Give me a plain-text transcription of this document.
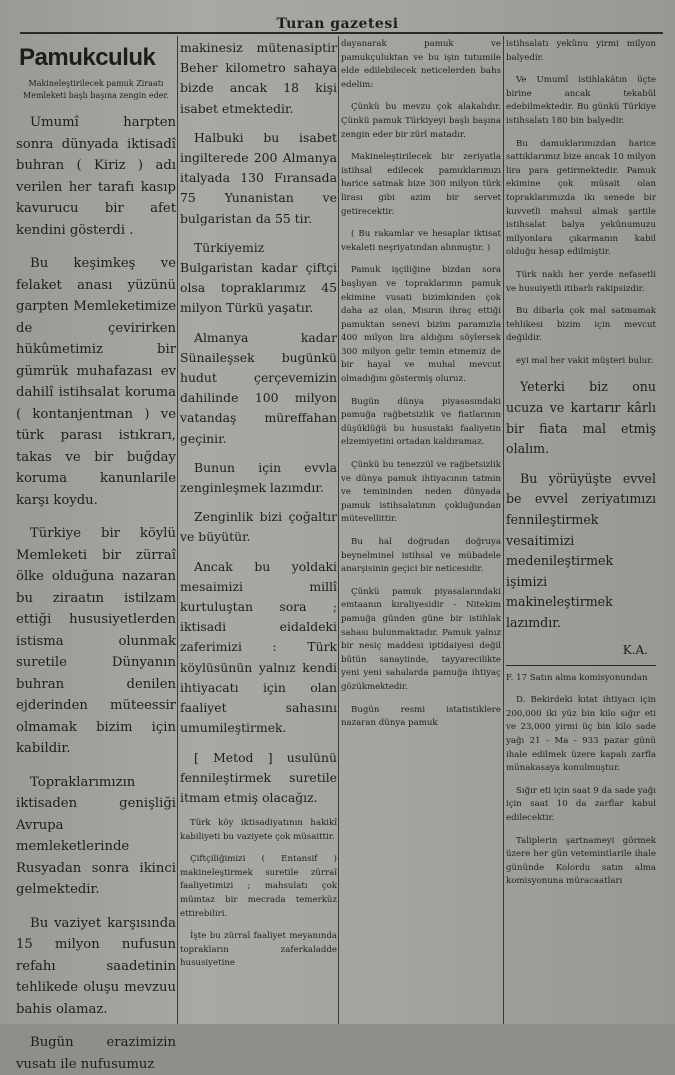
Turan gazetesi
Pamukculuk
Makineleştirilecek pamuk Ziraatı Memleketi başlı başına zengin eder.

Umumî harpten sonra dünyada iktisadî buhran ( Kiriz ) adı verilen her tarafı kasıp kavurucu bir afet kendini gösterdi .

Bu keşimkeş ve felaket anası yüzünü garpten Memleketimize de çevirirken hükûmetimiz bir gümrük muhafazası ev dahilî istihsalat koruma ( kontanjentman ) ve türk parası istıkrarı, takas ve bir buğday koruma kanunlarile karşı koydu.

Türkiye bir köylü Memleketi bir zürraî ölke olduğuna nazaran bu ziraatın istilzam ettiği hususiyetlerden istisma olunmak suretile Dünyanın buhran denilen ejderinden müteessir olmamak bizim için kabildir.

Topraklarımızın iktisaden genişliği Avrupa memleketlerinde Rusyadan sonra ikinci gelmektedir.

Bu vaziyet karşısında 15 milyon nufusun refahı saadetinin tehlikede oluşu mevzuu bahis olamaz.

Bugün erazimizin vusatı ile nufusumuz

makinesiz mütenasiptir Beher kilometro sahaya bizde ancak 18 kişi isabet etmektedir.

Halbuki bu isabet ingilterede 200 Almanya italyada 130 Fıransada 75 Yunanistan ve bulgaristan da 55 tir.

Türkiyemiz Bulgaristan kadar çiftçi olsa topraklarımız 45 milyon Türkü yaşatır.

Almanya kadar Sünaileşsek bugünkü hudut çerçevemizin dahilinde 100 milyon vatandaş müreffahan geçinir.

Bunun için evvla zenginleşmek lazımdır.

Zenginlik bizi çoğaltır ve büyütür.

Ancak bu yoldaki mesaimizi millî kurtuluştan sora ; iktisadi eidaldeki zaferimizi : Türk köylüsünün yalnız kendi ihtiyacatı için olan faaliyet sahasını umumileştirmek.

[ Metod ] usulünü fennileştirmek suretile itmam etmiş olacağız.

Türk köy iktisadiyatının hakikî kabiliyeti bu vaziyete çok müsaittir.

Çiftçiliğimizi ( Entansif ) makineleştirmek suretile zürraî faaliyetimizi ; mahsulatı çok mümtaz bir mecrada temerküz ettirebiliri.

İşte bu zürraî faaliyet meyanında toprakların zaferkaladde hususiyetine

dayanarak pamuk ve pamukçuluktan ve bu işin tutumile elde edilebilecek neticelerden bahs edelim:

Çünkü bu mevzu çok alakalıdır. Çünkü pamuk Türkiyeyi başlı başına zengin eder bir zürî matadır.

Makineleştirilecek bir zeriyatla istihsal edilecek pamuklarımızı harice satmak bize 300 milyon türk lirası gibi azim bir servet getirecektir.

( Bu rakamlar ve hesaplar iktisat vekaleti neşriyatından alınmıştır. )

Pamuk işçiliğine bizdan sora başlıyan ve topraklarının pamuk ekimine vusati bizimkinden çok daha az olan, Mısırın ihraç ettiği pamuktan senevi bizim paramızla 400 milyon lira aldığını söylersek 300 milyon gelir temin etmemiz de bir hayal ve muhal mevcut olmadığını göstermiş oluruz.

Bugün dünya piyasasındaki pamuğa rağbetsizlik ve fiatlarının düşüklüğü bu husustaki faaliyetin elzemiyetini ortadan kaldıramaz.

Çünkü bu tenezzül ve rağbetsizlik ve dünya pamuk ihtiyacının tatmin ve temininden neden dünyada pamuk istihsalatının çokluğundan mütevellittir.

Bu hal doğrudan doğruya beynelminel istihsal ve mübadele anarşisinin geçici bir neticesidir.

Çünkü pamuk piyasalarındaki emtaanın kıraliyesidir - Nitekim pamuğa günden güne bir istihlak sahası bulunmaktadır. Pamuk yalnız bir nesiç maddesi iptidaiyesi değil bütün sanayiinde, tayyarecilikte yeni yeni sahalarda pamuğa ihtiyaç gözükmektedir.

Bugün resmi istatistiklere nazaran dünya pamuk

istihsalatı yekûnu yirmi milyon balyedir.

Ve Umumî istihlakâtın üçte birine ancak tekabül edebilmektedir. Bu günkü Türkiye istihsalatı 180 bin balyedir.

Bu damuklarımızdan harice sattıklarımız bize ancak 10 milyon lira para getirmektedir. Pamuk ekimine çok müsait olan topraklarımızda ikı senede bir kuvvetli mahsul almak şartile istihsalat balya yekûnumuzu milyonlara çıkarmanın kabil olduğu hesap edilmiştir.

Türk naklı her yerde nefasetli ve husuiyetli itibarlı rakipsizdir.

Bu dibarla çok mal satmamak tehlikesi bizim için mevcut değildir.

eyi mal her vakit müşteri bulur.

Yeterki biz onu ucuza ve kartarır kârlı bir fiata mal etmiş olalım.

Bu yörüyüşte evvel be evvel zeriyatımızı fennileştirmek vesaitimizi medenileştirmek işimizi makineleştirmek lazımdır.

K.A.

F. 17 Satın alma komisyonundan

D. Bekirdeki kıtat ihtiyacı için 200,000 iki yüz bin kilo sığır eti ve 23,000 yirmi üç bin kilo sade yağı 21 - Ma - 933 pazar günü ihale edilmek üzere kapalı zarfla münakasaya konulmuştur.

Sığır eti için saat 9 da sade yağı için saat 10 da zarflar kabul edilecektir.

Taliplerin şartnameyi görmek üzere her gün vetemintlarile ihale gününde Kolordu satın alma komisyonuna müracaatları
